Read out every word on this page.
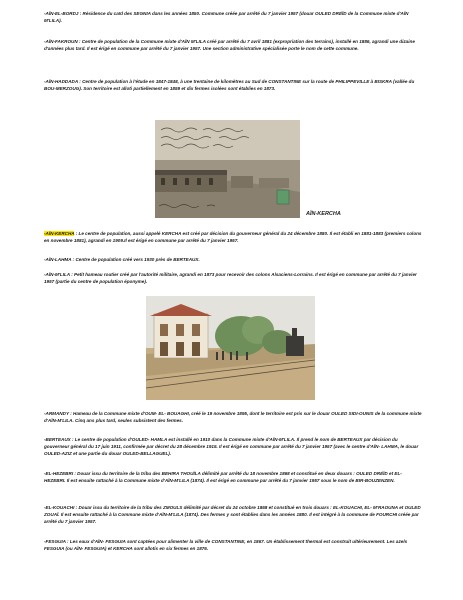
-AÏN-EL-BORDJ : Résidence du caïd des SEGNIA dans les années 1850. Commune créée par arrêté du 7 janvier 1957 (douar OULED DRÉÏD de la Commune mixte d'AÏN M'LILA).

-AÏN-FAKROUN : Centre de population de la Commune mixte d'AÏN M'LILA créé par arrêté du 7 avril 1881 (expropriation des terrains), installé en 1886, agrandi une dizaine d'années plus tard. Il est érigé en commune par arrêté du 7 janvier 1957. Une section administrative spécialisée porte le nom de cette commune.

-AÏN-HADDADA : Centre de population à l'étude en 1847-1848, à une trentaine de kilomètres au Sud de CONSTANTINE sur la route de PHILIPPEVILLE à BISKRA (vallée du BOU-MERZOUG). Son territoire est alloti partiellement en 1859 et dix fermes isolées sont établies en 1873.

AÏN-KERCHA

-AÏN-KERCHA : Le centre de population, aussi appelé KERCHA est créé par décision du gouverneur général du 24 décembre 1880. Il est établi en 1881-1883 (premiers colons en novembre 1881), agrandi en 1909.Il est érigé en commune par arrêté du 7 janvier 1957.

-AÏN-LAHMA : Centre de population créé vers 1930 près de BERTEAUX.

-AÏN-M'LILA : Petit hameau routier créé par l'autorité militaire, agrandi en 1873 pour recevoir des colons Alsaciens-Lorrains. Il est érigé en commune par arrêté du 7 janvier 1957 (partie du centre de population éponyme).

-ARMANDY : Hameau de la Commune mixte d'OUM- EL- BOUAGHI, créé le 19 novembre 1895, dont le territoire est pris sur le douar OULED SIDI-OUNIS de la commune mixte d'AÏN-M'LILA. Cinq ans plus tard, seules subsistent des fermes.

-BERTEAUX : Le centre de population d'OULED- HAMLA est installé en 1910 dans la Commune mixte d'AÏN-M'LILA. Il prend le nom de BERTEAUX par décision du gouverneur général du 17 juin 1911, confirmée par décret du 28 décembre 1915. Il est érigé en commune par arrêté du 7 janvier 1957 (avec le centre d'AÏN- LAHMA, le douar OULED-AZIZ et une partie du douar OULED-BELLAGUEL).

-EL-HEZEBRI : Douar issu du territoire de la tribu des BEHIRA THOUÏLA délimité par arrêté du 18 novembre 1868 et constitué en deux douars : OULED DRÉÏD et EL-HEZEBRI. Il est ensuite rattaché à la Commune mixte d'AÏN-M'LILA (1874). Il est érigé en commune par arrêté du 7 janvier 1957 sous le nom de BIR-BOUZENZEN.

-EL-KOUACHI : Douar issu du territoire de la tribu des ZMOULS délimité par décret du 24 octobre 1868 et constitué en trois douars : EL-KOUACHI, EL- M'RAOUNA et OULED ZOUAÏ. Il est ensuite rattaché à la Commune mixte d'AÏN-M'LILA (1874). Des fermes y sont établies dans les années 1880. Il est intégré à la commune de FOURCHI créée par arrêté du 7 janvier 1957.

-FESGUIA : Les eaux d'AÏN- FESGUIA sont captées pour alimenter la ville de CONSTANTINE, en 1867. Un établissement thermal est construit ultérieurement. Les azels FESGUIA (ou AÏN- FESGUIA) et KERCHA sont allotis en six fermes en 1876.
